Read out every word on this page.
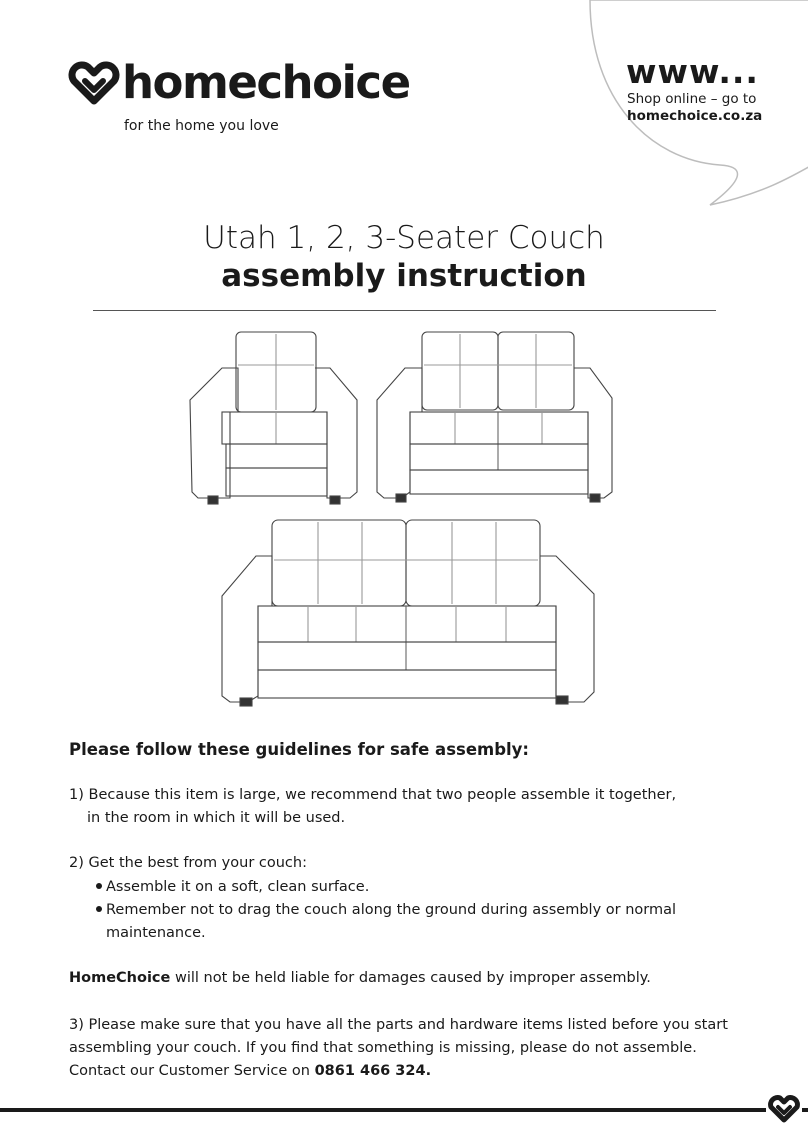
homechoice
for the home you love
www...
Shop online – go to
homechoice.co.za
Utah 1, 2, 3-Seater Couch
assembly instruction
Please follow these guidelines for safe assembly:
1) Because this item is large, we recommend that two people assemble it together,
in the room in which it will be used.
2) Get the best from your couch:
Assemble it on a soft, clean surface.
Remember not to drag the couch along the ground during assembly or normal
maintenance.
HomeChoice will not be held liable for damages caused by improper assembly.
3) Please make sure that you have all the parts and hardware items listed before you start
assembling your couch. If you find that something is missing, please do not assemble.
Contact our Customer Service on 0861 466 324.
